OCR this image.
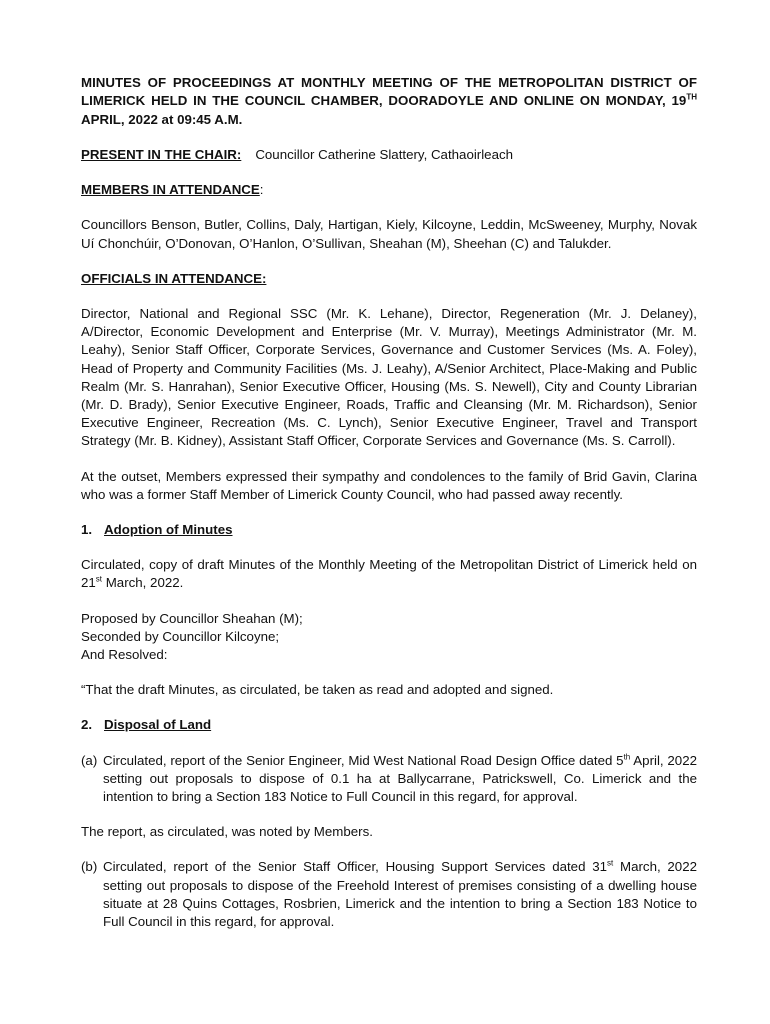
MINUTES OF PROCEEDINGS AT MONTHLY MEETING OF THE METROPOLITAN DISTRICT OF LIMERICK HELD IN THE COUNCIL CHAMBER, DOORADOYLE AND ONLINE ON MONDAY, 19TH APRIL, 2022 at 09:45 A.M.

PRESENT IN THE CHAIR: Councillor Catherine Slattery, Cathaoirleach

MEMBERS IN ATTENDANCE:

Councillors Benson, Butler, Collins, Daly, Hartigan, Kiely, Kilcoyne, Leddin, McSweeney, Murphy, Novak Uí Chonchúir, O’Donovan, O’Hanlon, O’Sullivan, Sheahan (M), Sheehan (C) and Talukder.

OFFICIALS IN ATTENDANCE:

Director, National and Regional SSC (Mr. K. Lehane), Director, Regeneration (Mr. J. Delaney), A/Director, Economic Development and Enterprise (Mr. V. Murray), Meetings Administrator (Mr. M. Leahy), Senior Staff Officer, Corporate Services, Governance and Customer Services (Ms. A. Foley), Head of Property and Community Facilities (Ms. J. Leahy), A/Senior Architect, Place-Making and Public Realm (Mr. S. Hanrahan), Senior Executive Officer, Housing (Ms. S. Newell), City and County Librarian (Mr. D. Brady), Senior Executive Engineer, Roads, Traffic and Cleansing (Mr. M. Richardson), Senior Executive Engineer, Recreation (Ms. C. Lynch), Senior Executive Engineer, Travel and Transport Strategy (Mr. B. Kidney), Assistant Staff Officer, Corporate Services and Governance (Ms. S. Carroll).

At the outset, Members expressed their sympathy and condolences to the family of Brid Gavin, Clarina who was a former Staff Member of Limerick County Council, who had passed away recently.

1. Adoption of Minutes

Circulated, copy of draft Minutes of the Monthly Meeting of the Metropolitan District of Limerick held on 21st March, 2022.

Proposed by Councillor Sheahan (M);

Seconded by Councillor Kilcoyne;

And Resolved:

“That the draft Minutes, as circulated, be taken as read and adopted and signed.

2. Disposal of Land
(a) Circulated, report of the Senior Engineer, Mid West National Road Design Office dated 5th April, 2022 setting out proposals to dispose of 0.1 ha at Ballycarrane, Patrickswell, Co. Limerick and the intention to bring a Section 183 Notice to Full Council in this regard, for approval.

The report, as circulated, was noted by Members.

(b) Circulated, report of the Senior Staff Officer, Housing Support Services dated 31st March, 2022 setting out proposals to dispose of the Freehold Interest of premises consisting of a dwelling house situate at 28 Quins Cottages, Rosbrien, Limerick and the intention to bring a Section 183 Notice to Full Council in this regard, for approval.
